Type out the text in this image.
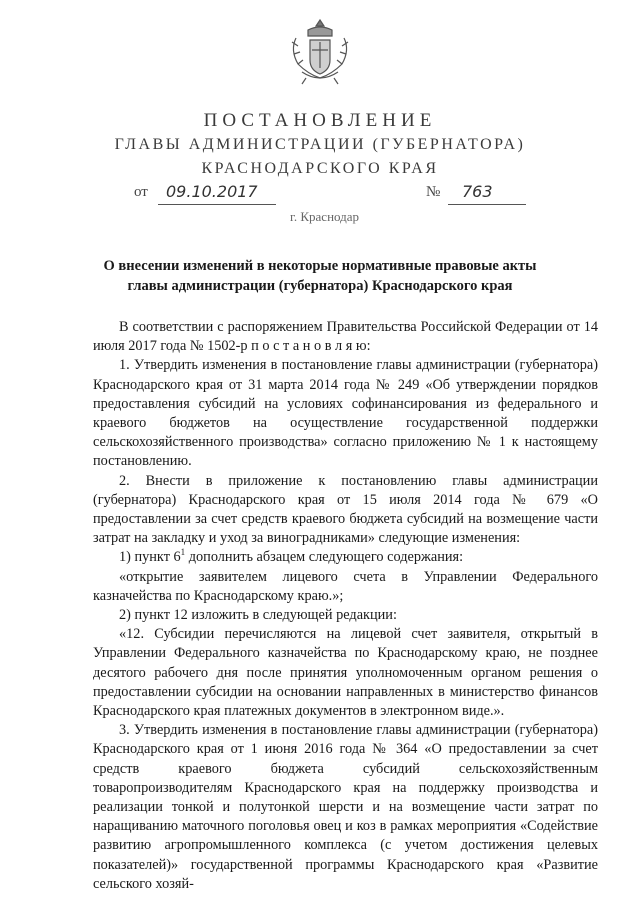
ПОСТАНОВЛЕНИЕ
ГЛАВЫ АДМИНИСТРАЦИИ (ГУБЕРНАТОРА)
КРАСНОДАРСКОГО КРАЯ
от 09.10.2017	№ 763
г. Краснодар
О внесении изменений в некоторые нормативные правовые акты
главы администрации (губернатора) Краснодарского края

В соответствии с распоряжением Правительства Российской Федерации от 14 июля 2017 года № 1502-р п о с т а н о в л я ю:

1. Утвердить изменения в постановление главы администрации (губернатора) Краснодарского края от 31 марта 2014 года № 249 «Об утверждении порядков предоставления субсидий на условиях софинансирования из федерального и краевого бюджетов на осуществление государственной поддержки сельскохозяйственного производства» согласно приложению № 1 к настоящему постановлению.

2. Внести в приложение к постановлению главы администрации (губернатора) Краснодарского края от 15 июля 2014 года № 679 «О предоставлении за счет средств краевого бюджета субсидий на возмещение части затрат на закладку и уход за виноградниками» следующие изменения:

1) пункт $6^1$ дополнить абзацем следующего содержания:

«открытие заявителем лицевого счета в Управлении Федерального казначейства по Краснодарскому краю.»;

2) пункт 12 изложить в следующей редакции:

«12. Субсидии перечисляются на лицевой счет заявителя, открытый в Управлении Федерального казначейства по Краснодарскому краю, не позднее десятого рабочего дня после принятия уполномоченным органом решения о предоставлении субсидии на основании направленных в министерство финансов Краснодарского края платежных документов в электронном виде.».

3. Утвердить изменения в постановление главы администрации (губернатора) Краснодарского края от 1 июня 2016 года № 364 «О предоставлении за счет средств краевого бюджета субсидий сельскохозяйственным товаропроизводителям Краснодарского края на поддержку производства и реализации тонкой и полутонкой шерсти и на возмещение части затрат по наращиванию маточного поголовья овец и коз в рамках мероприятия «Содействие развитию агропромышленного комплекса (с учетом достижения целевых показателей)» государственной программы Краснодарского края «Развитие сельского хозяй-
